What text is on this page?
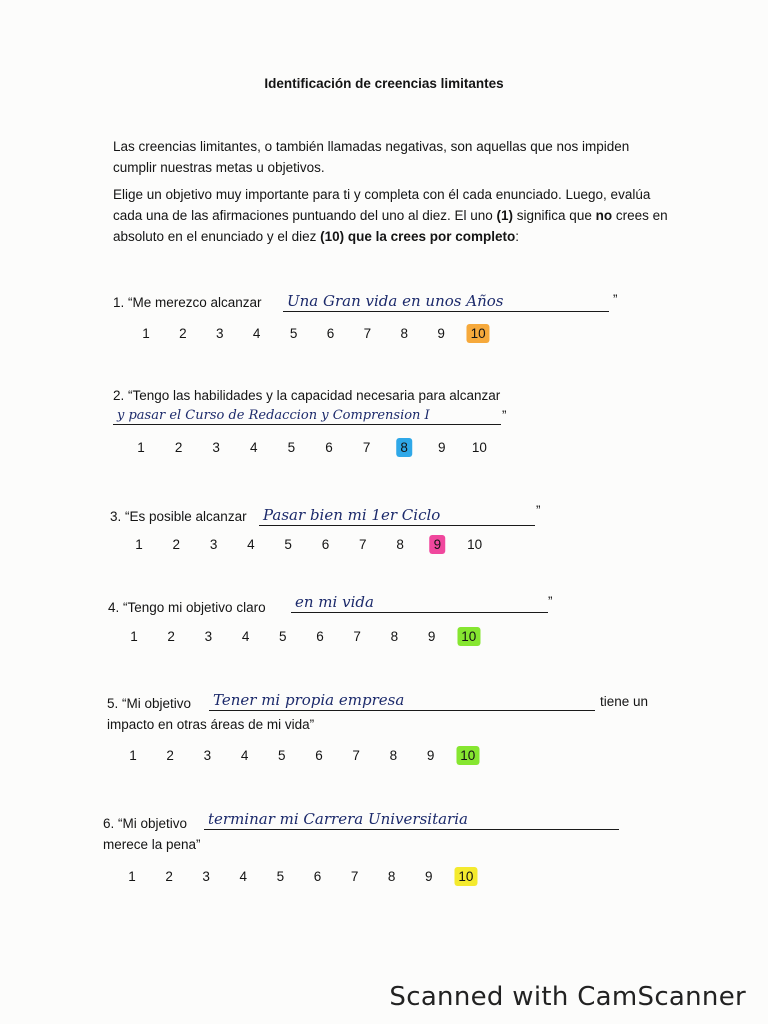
Identificación de creencias limitantes
Las creencias limitantes, o también llamadas negativas, son aquellas que nos impiden cumplir nuestras metas u objetivos.
Elige un objetivo muy importante para ti y completa con él cada enunciado. Luego, evalúa cada una de las afirmaciones puntuando del uno al diez. El uno (1) significa que no crees en absoluto en el enunciado y el diez (10) que la crees por completo:
1. “Me merezco alcanzar Una Gran vida en unos Años	”
1 2 3 4 5 6 7 8 9 10
2. “Tengo las habilidades y la capacidad necesaria para alcanzar
y pasar el Curso de Redaccion y Comprension I	”
1 2 3 4 5 6 7 8 9 10
3. “Es posible alcanzar Pasar bien mi 1er Ciclo	”
1 2 3 4 5 6 7 8 9 10
4. “Tengo mi objetivo claro en mi vida	”
1 2 3 4 5 6 7 8 9 10
5. “Mi objetivo Tener mi propia empresa	tiene un
impacto en otras áreas de mi vida”
1 2 3 4 5 6 7 8 9 10
6. “Mi objetivo terminar mi Carrera Universitaria
merece la pena”
1 2 3 4 5 6 7 8 9 10
Scanned with CamScanner
